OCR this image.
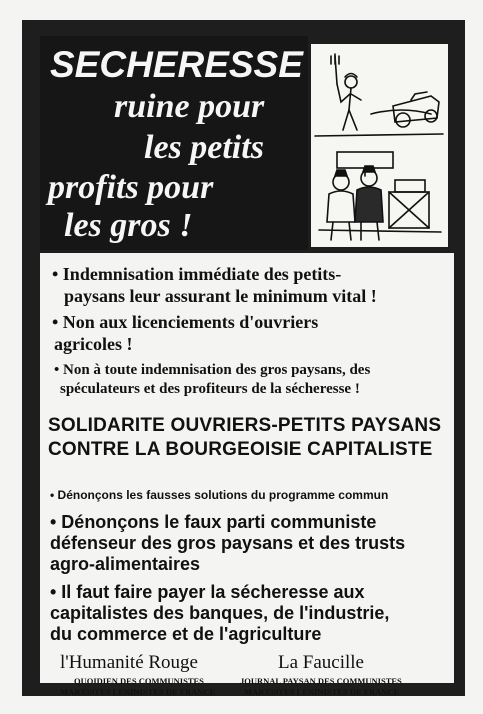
SECHERESSE
ruine pour
les petits
profits pour
les gros !
• Indemnisation immédiate des petits-
paysans leur assurant le minimum vital !
• Non aux licenciements d'ouvriers
agricoles !
• Non à toute indemnisation des gros paysans, des
spéculateurs et des profiteurs de la sécheresse !
SOLIDARITE OUVRIERS-PETITS PAYSANS
CONTRE LA BOURGEOISIE CAPITALISTE
• Dénonçons les fausses solutions du programme commun
• Dénonçons le faux parti communiste
défenseur des gros paysans et des trusts
agro-alimentaires
• Il faut faire payer la sécheresse aux
capitalistes des banques, de l'industrie,
du commerce et de l'agriculture
l'Humanité Rouge
QUOIDIEN DES COMMUNISTES
MARXISTES LENINISTES DE FRANCE
La Faucille
JOURNAL PAYSAN DES COMMUNISTES
MARXISTES LENINISTES DE FRANCE
